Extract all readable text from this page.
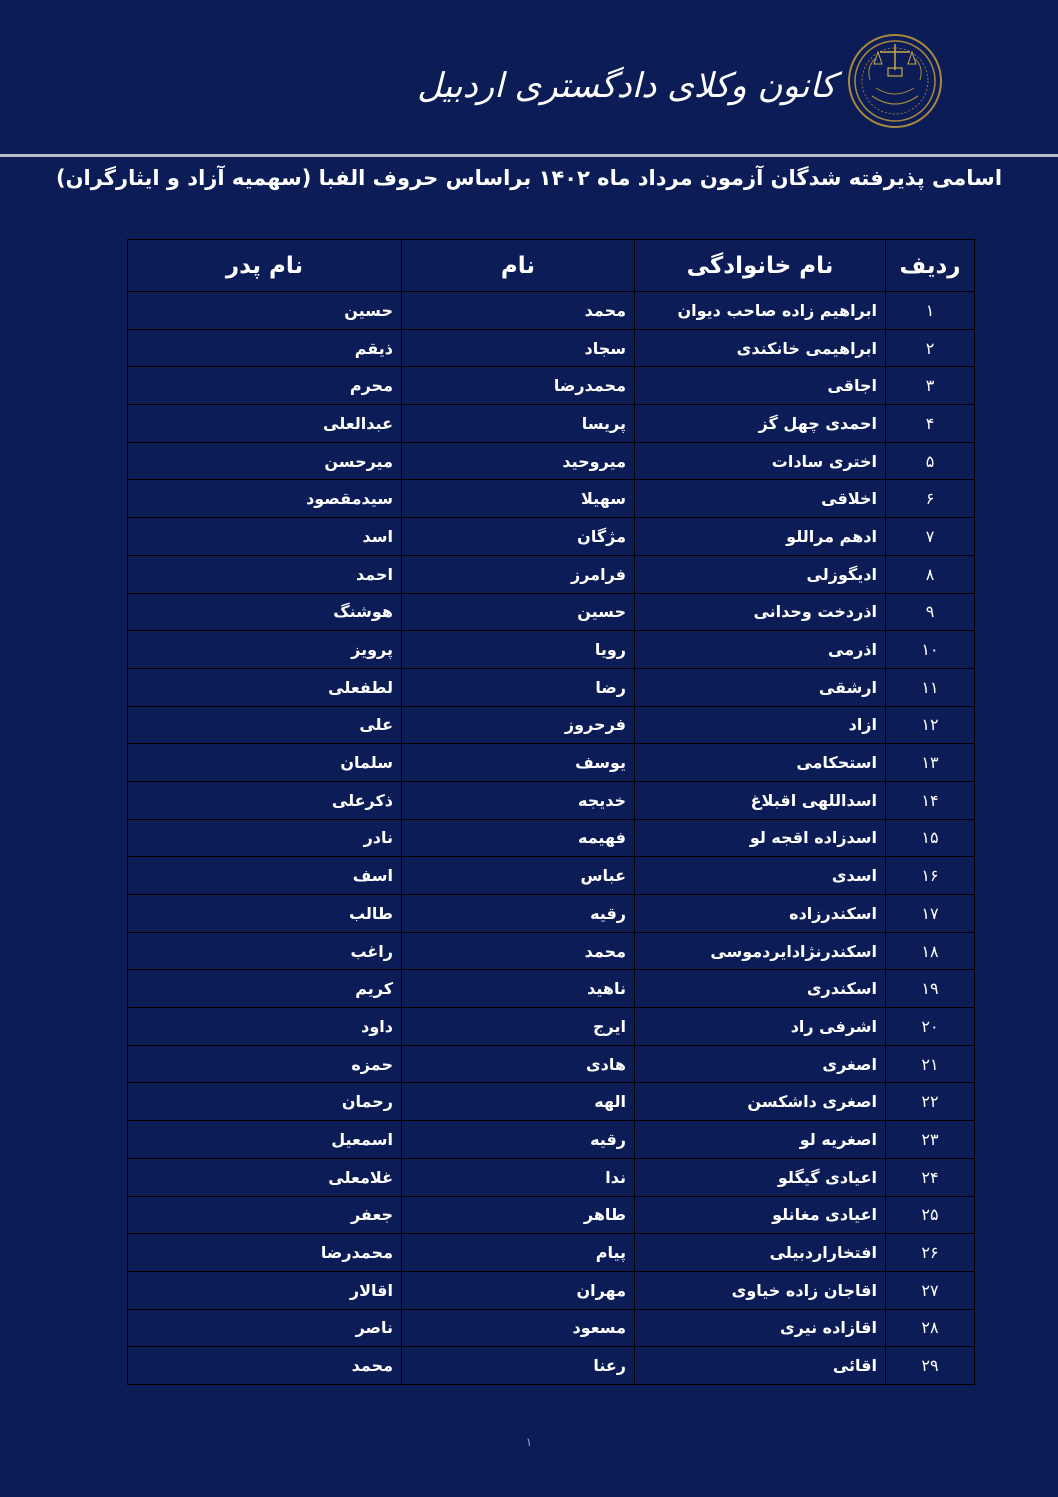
کانون وکلای دادگستری اردبیل
اسامی پذیرفته شدگان آزمون مرداد ماه ۱۴۰۲ براساس حروف الفبا (سهمیه آزاد و ایثارگران)
ردیف	نام خانوادگی	نام	نام پدر
۱	ابراهیم زاده صاحب دیوان	محمد	حسین
۲	ابراهیمی خانکندی	سجاد	ذیقم
۳	اجاقی	محمدرضا	محرم
۴	احمدی چهل گز	پریسا	عبدالعلی
۵	اختری سادات	میروحید	میرحسن
۶	اخلاقی	سهیلا	سیدمقصود
۷	ادهم مراللو	مژگان	اسد
۸	ادیگوزلی	فرامرز	احمد
۹	اذردخت وحدانی	حسین	هوشنگ
۱۰	اذرمی	رویا	پرویز
۱۱	ارشقی	رضا	لطفعلی
۱۲	ازاد	فرحروز	علی
۱۳	استحکامی	یوسف	سلمان
۱۴	اسداللهی اقبلاغ	خدیجه	ذکرعلی
۱۵	اسدزاده اقجه لو	فهیمه	نادر
۱۶	اسدی	عباس	اسف
۱۷	اسکندرزاده	رقیه	طالب
۱۸	اسکندرنژادایردموسی	محمد	راغب
۱۹	اسکندری	ناهید	کریم
۲۰	اشرفی راد	ایرج	داود
۲۱	اصغری	هادی	حمزه
۲۲	اصغری داشکسن	الهه	رحمان
۲۳	اصغریه لو	رقیه	اسمعیل
۲۴	اعیادی گیگلو	ندا	غلامعلی
۲۵	اعیادی مغانلو	طاهر	جعفر
۲۶	افتخاراردبیلی	پیام	محمدرضا
۲۷	اقاجان زاده خیاوی	مهران	اقالار
۲۸	اقازاده نیری	مسعود	ناصر
۲۹	اقائی	رعنا	محمد
۱
